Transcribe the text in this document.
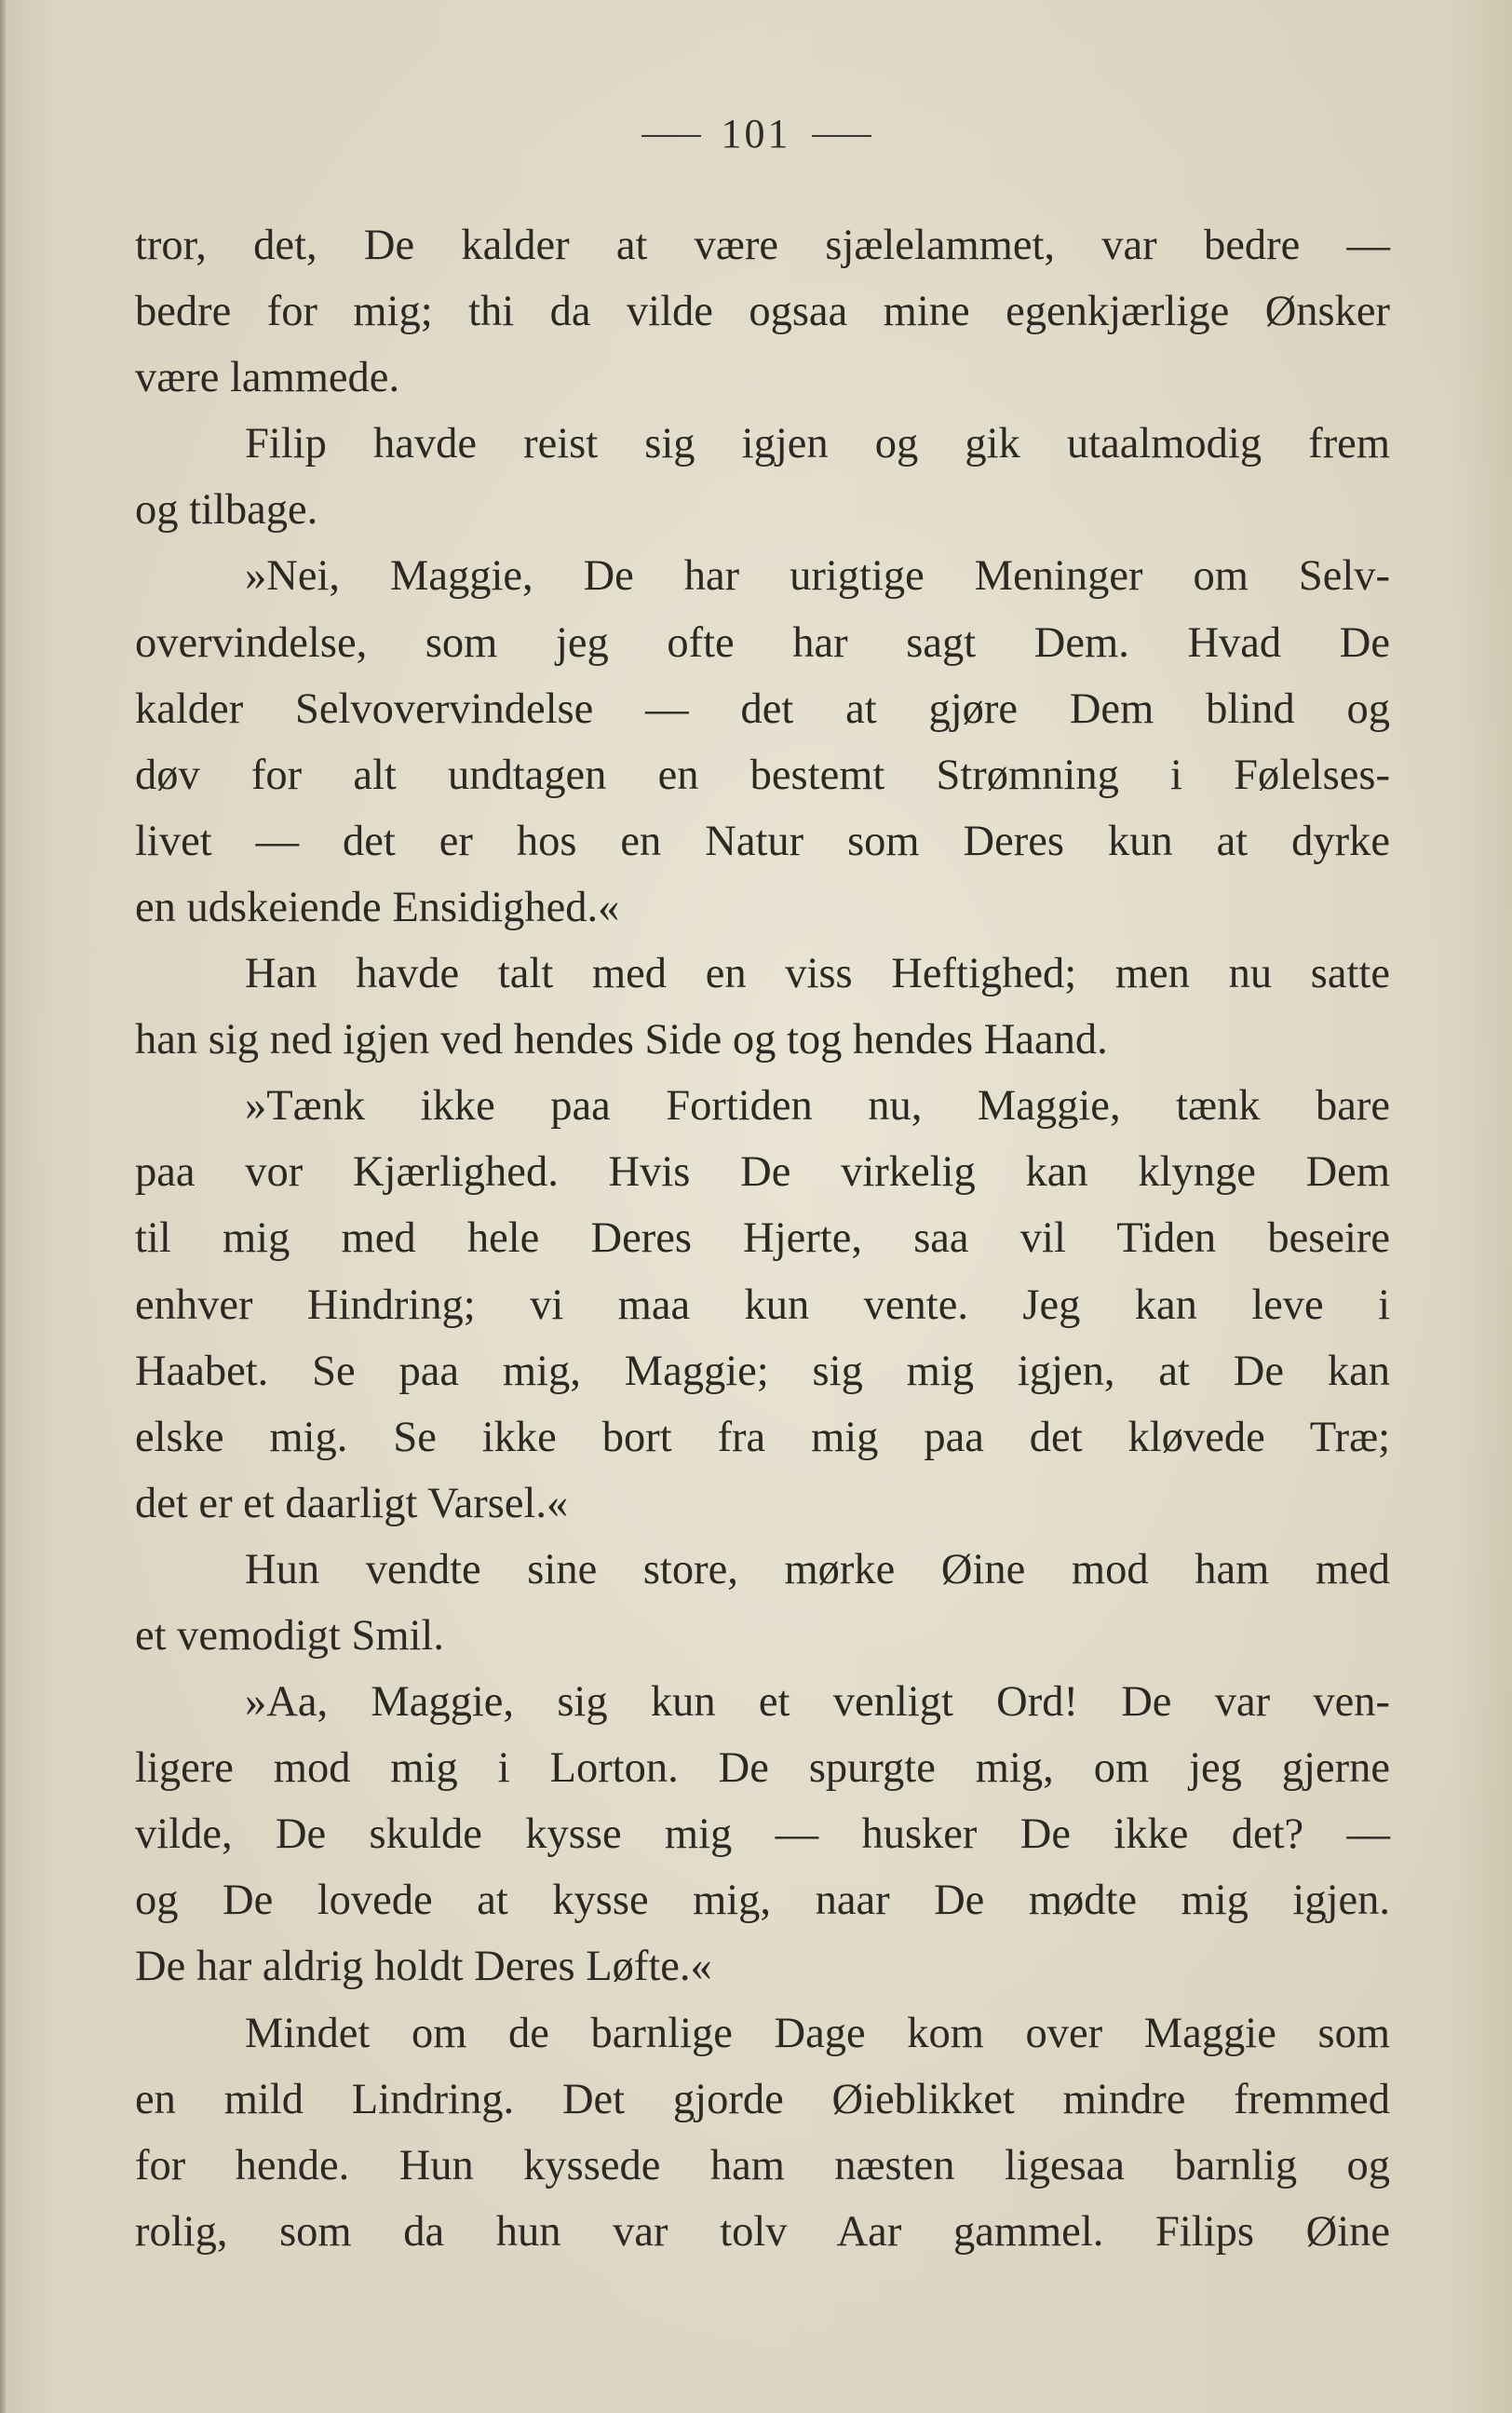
101
tror, det, De kalder at være sjælelammet, var bedre —
bedre for mig; thi da vilde ogsaa mine egenkjærlige Ønsker
være lammede.
Filip havde reist sig igjen og gik utaalmodig frem
og tilbage.
»Nei, Maggie, De har urigtige Meninger om Selv-
overvindelse, som jeg ofte har sagt Dem. Hvad De
kalder Selvovervindelse — det at gjøre Dem blind og
døv for alt undtagen en bestemt Strømning i Følelses-
livet — det er hos en Natur som Deres kun at dyrke
en udskeiende Ensidighed.«
Han havde talt med en viss Heftighed; men nu satte
han sig ned igjen ved hendes Side og tog hendes Haand.
»Tænk ikke paa Fortiden nu, Maggie, tænk bare
paa vor Kjærlighed. Hvis De virkelig kan klynge Dem
til mig med hele Deres Hjerte, saa vil Tiden beseire
enhver Hindring; vi maa kun vente. Jeg kan leve i
Haabet. Se paa mig, Maggie; sig mig igjen, at De kan
elske mig. Se ikke bort fra mig paa det kløvede Træ;
det er et daarligt Varsel.«
Hun vendte sine store, mørke Øine mod ham med
et vemodigt Smil.
»Aa, Maggie, sig kun et venligt Ord! De var ven-
ligere mod mig i Lorton. De spurgte mig, om jeg gjerne
vilde, De skulde kysse mig — husker De ikke det? —
og De lovede at kysse mig, naar De mødte mig igjen.
De har aldrig holdt Deres Løfte.«
Mindet om de barnlige Dage kom over Maggie som
en mild Lindring. Det gjorde Øieblikket mindre fremmed
for hende. Hun kyssede ham næsten ligesaa barnlig og
rolig, som da hun var tolv Aar gammel. Filips Øine
